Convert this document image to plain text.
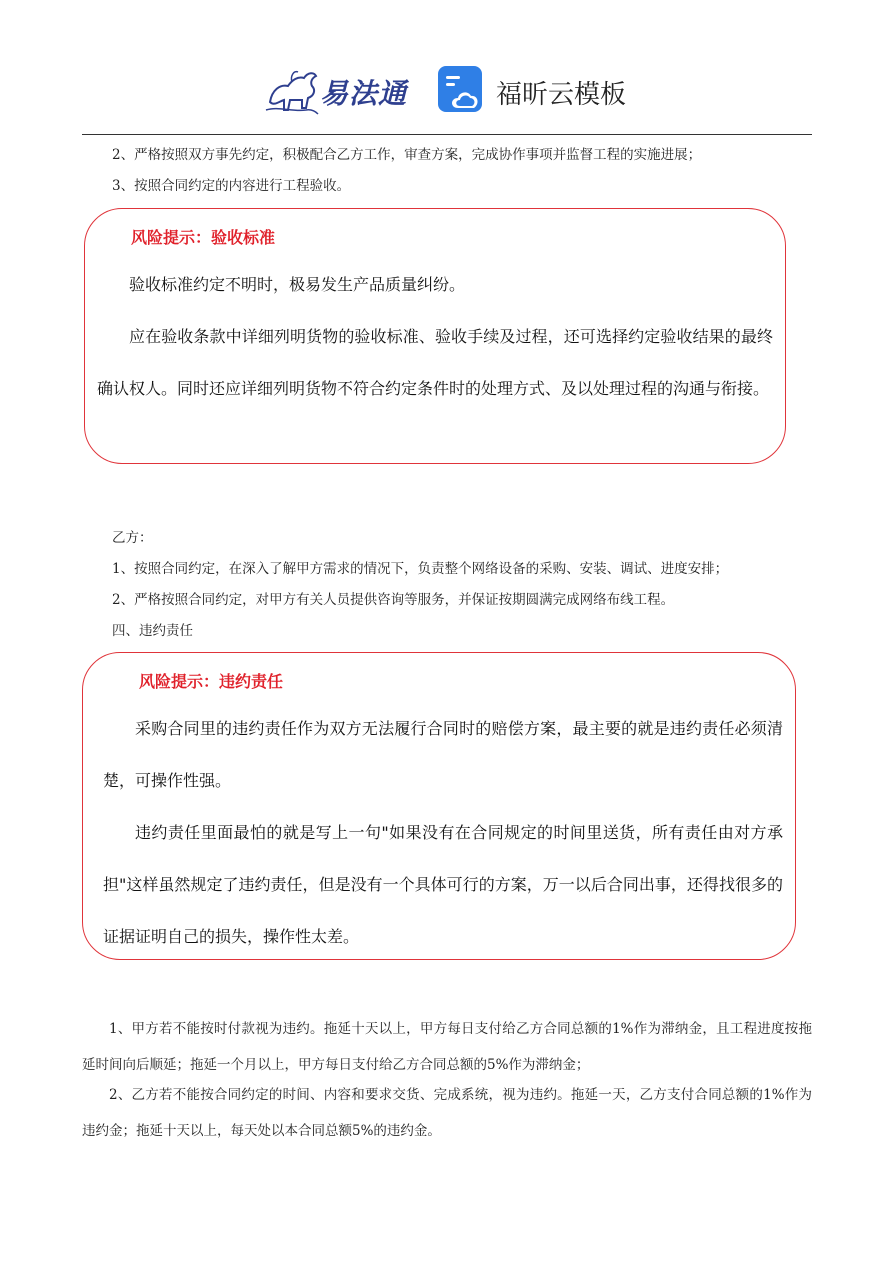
易法通	福昕云模板
2、严格按照双方事先约定，积极配合乙方工作，审查方案，完成协作事项并监督工程的实施进展；
3、按照合同约定的内容进行工程验收。
风险提示：验收标准
验收标准约定不明时，极易发生产品质量纠纷。
应在验收条款中详细列明货物的验收标准、验收手续及过程，还可选择约定验收结果的最终确认权人。同时还应详细列明货物不符合约定条件时的处理方式、及以处理过程的沟通与衔接。
乙方：
1、按照合同约定，在深入了解甲方需求的情况下，负责整个网络设备的采购、安装、调试、进度安排；
2、严格按照合同约定，对甲方有关人员提供咨询等服务，并保证按期圆满完成网络布线工程。
四、违约责任
风险提示：违约责任
采购合同里的违约责任作为双方无法履行合同时的赔偿方案，最主要的就是违约责任必须清楚，可操作性强。
违约责任里面最怕的就是写上一句"如果没有在合同规定的时间里送货，所有责任由对方承担"这样虽然规定了违约责任，但是没有一个具体可行的方案，万一以后合同出事，还得找很多的证据证明自己的损失，操作性太差。
1、甲方若不能按时付款视为违约。拖延十天以上，甲方每日支付给乙方合同总额的1%作为滞纳金，且工程进度按拖延时间向后顺延；拖延一个月以上，甲方每日支付给乙方合同总额的5%作为滞纳金；
2、乙方若不能按合同约定的时间、内容和要求交货、完成系统，视为违约。拖延一天，乙方支付合同总额的1%作为违约金；拖延十天以上，每天处以本合同总额5%的违约金。
